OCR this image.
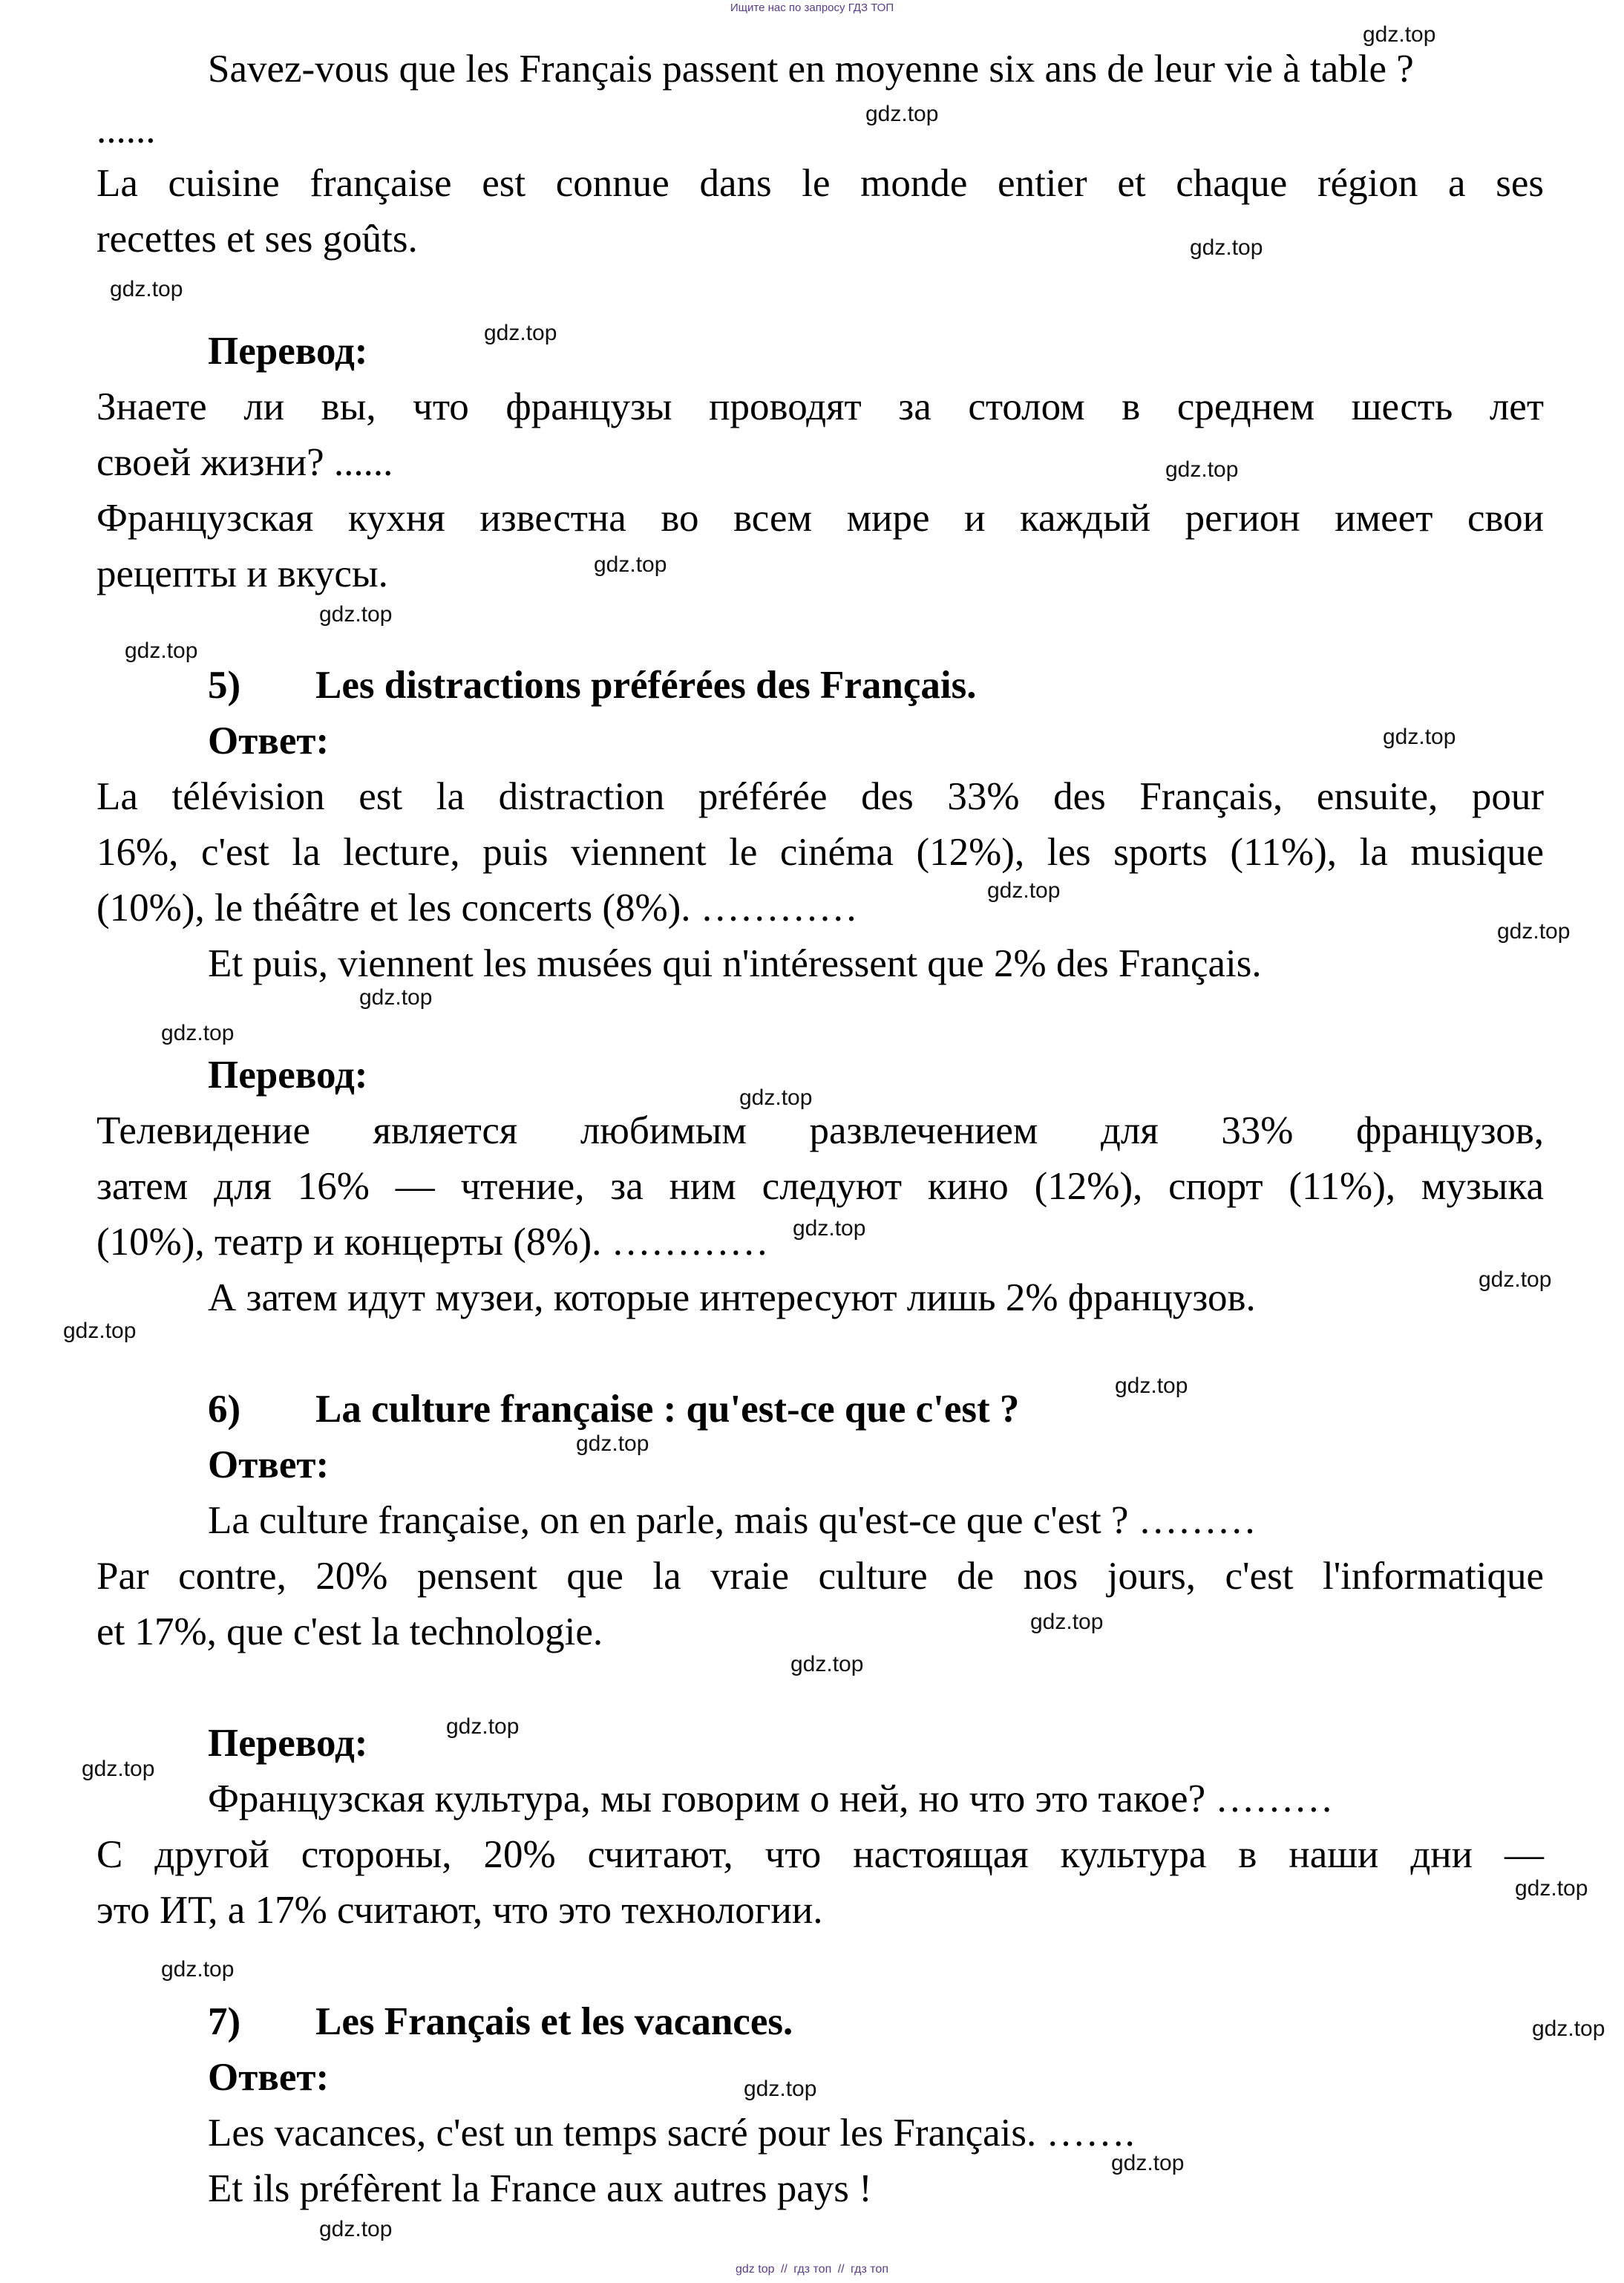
Ищите нас по запросу ГДЗ ТОП
Savez-vous que les Français passent en moyenne six ans de leur vie à table ?
......
La cuisine française est connue dans le monde entier et chaque région a ses
recettes et ses goûts.
Перевод:
Знаете ли вы, что французы проводят за столом в среднем шесть лет
своей жизни? ......
Французская кухня известна во всем мире и каждый регион имеет свои
рецепты и вкусы.
5) Les distractions préférées des Français.
Ответ:
La télévision est la distraction préférée des 33% des Français, ensuite, pour
16%, c'est la lecture, puis viennent le cinéma (12%), les sports (11%), la musique
(10%), le théâtre et les concerts (8%). …………
Et puis, viennent les musées qui n'intéressent que 2% des Français.
Перевод:
Телевидение является любимым развлечением для 33% французов,
затем для 16% — чтение, за ним следуют кино (12%), спорт (11%), музыка
(10%), театр и концерты (8%). …………
А затем идут музеи, которые интересуют лишь 2% французов.
6) La culture française : qu'est-ce que c'est ?
Ответ:
La culture française, on en parle, mais qu'est-ce que c'est ? ………
Par contre, 20% pensent que la vraie culture de nos jours, c'est l'informatique
et 17%, que c'est la technologie.
Перевод:
Французская культура, мы говорим о ней, но что это такое? ………
С другой стороны, 20% считают, что настоящая культура в наши дни —
это ИТ, а 17% считают, что это технологии.
7) Les Français et les vacances.
Ответ:
Les vacances, c'est un temps sacré pour les Français. …….
Et ils préfèrent la France aux autres pays !
gdz.top
gdz.top
gdz.top
gdz.top
gdz.top
gdz.top
gdz.top
gdz.top
gdz.top
gdz.top
gdz.top
gdz.top
gdz.top
gdz.top
gdz.top
gdz.top
gdz.top
gdz.top
gdz.top
gdz.top
gdz.top
gdz.top
gdz.top
gdz.top
gdz.top
gdz.top
gdz.top
gdz.top
gdz.top
gdz.top
gdz top // гдз топ // гдз топ
